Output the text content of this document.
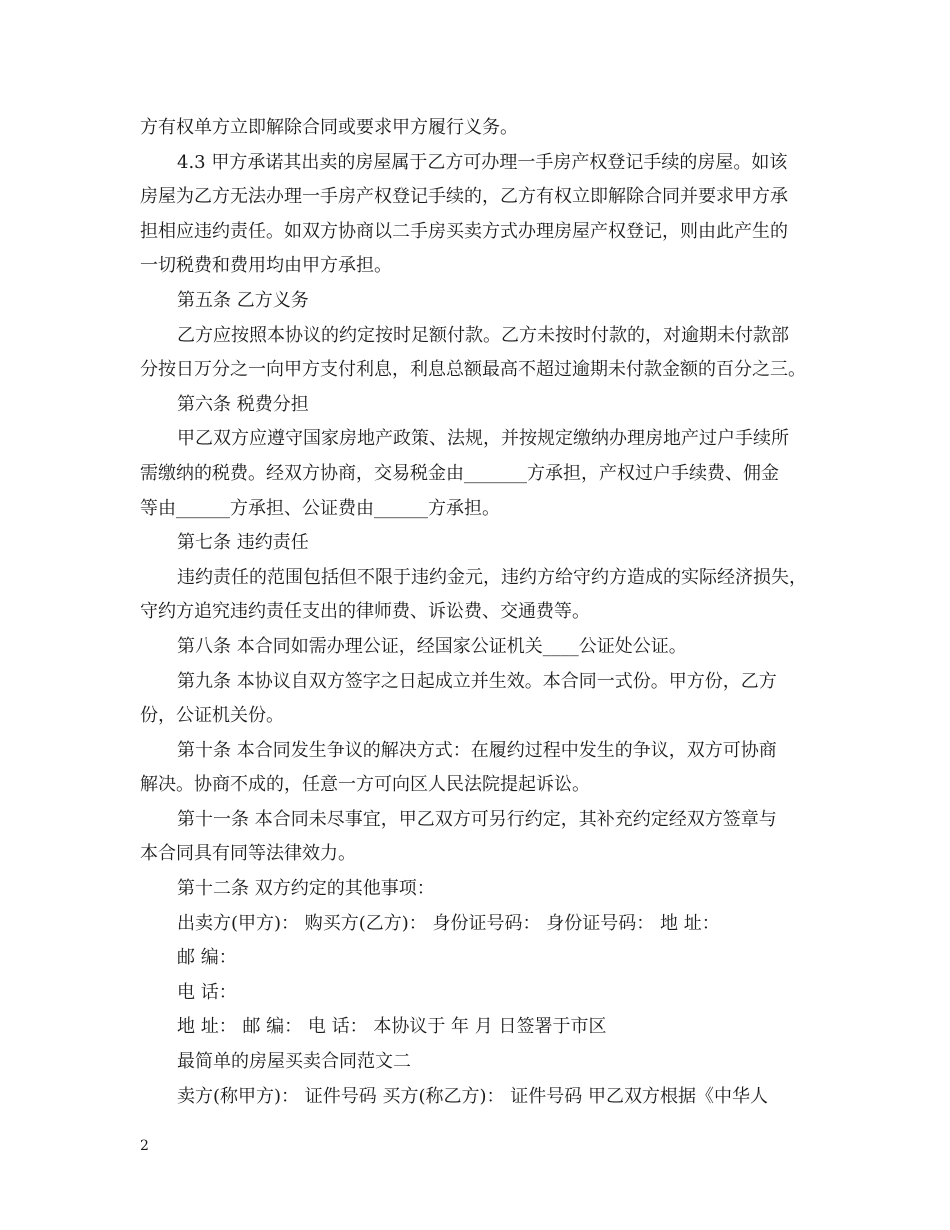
方有权单方立即解除合同或要求甲方履行义务。
4.3 甲方承诺其出卖的房屋属于乙方可办理一手房产权登记手续的房屋。如该
房屋为乙方无法办理一手房产权登记手续的，乙方有权立即解除合同并要求甲方承
担相应违约责任。如双方协商以二手房买卖方式办理房屋产权登记，则由此产生的
一切税费和费用均由甲方承担。
第五条 乙方义务
乙方应按照本协议的约定按时足额付款。乙方未按时付款的，对逾期未付款部
分按日万分之一向甲方支付利息，利息总额最高不超过逾期未付款金额的百分之三。
第六条 税费分担
甲乙双方应遵守国家房地产政策、法规，并按规定缴纳办理房地产过户手续所
需缴纳的税费。经双方协商，交易税金由_______方承担，产权过户手续费、佣金
等由______方承担、公证费由______方承担。
第七条 违约责任
违约责任的范围包括但不限于违约金元，违约方给守约方造成的实际经济损失，
守约方追究违约责任支出的律师费、诉讼费、交通费等。
第八条 本合同如需办理公证，经国家公证机关____公证处公证。
第九条 本协议自双方签字之日起成立并生效。本合同一式份。甲方份，乙方
份，公证机关份。
第十条 本合同发生争议的解决方式：在履约过程中发生的争议，双方可协商
解决。协商不成的，任意一方可向区人民法院提起诉讼。
第十一条 本合同未尽事宜，甲乙双方可另行约定，其补充约定经双方签章与
本合同具有同等法律效力。
第十二条 双方约定的其他事项：
出卖方(甲方)： 购买方(乙方)： 身份证号码： 身份证号码： 地 址：
邮 编：
电 话：
地 址： 邮 编： 电 话： 本协议于 年 月 日签署于市区
最简单的房屋买卖合同范文二
卖方(称甲方)： 证件号码 买方(称乙方)： 证件号码 甲乙双方根据《中华人
2
